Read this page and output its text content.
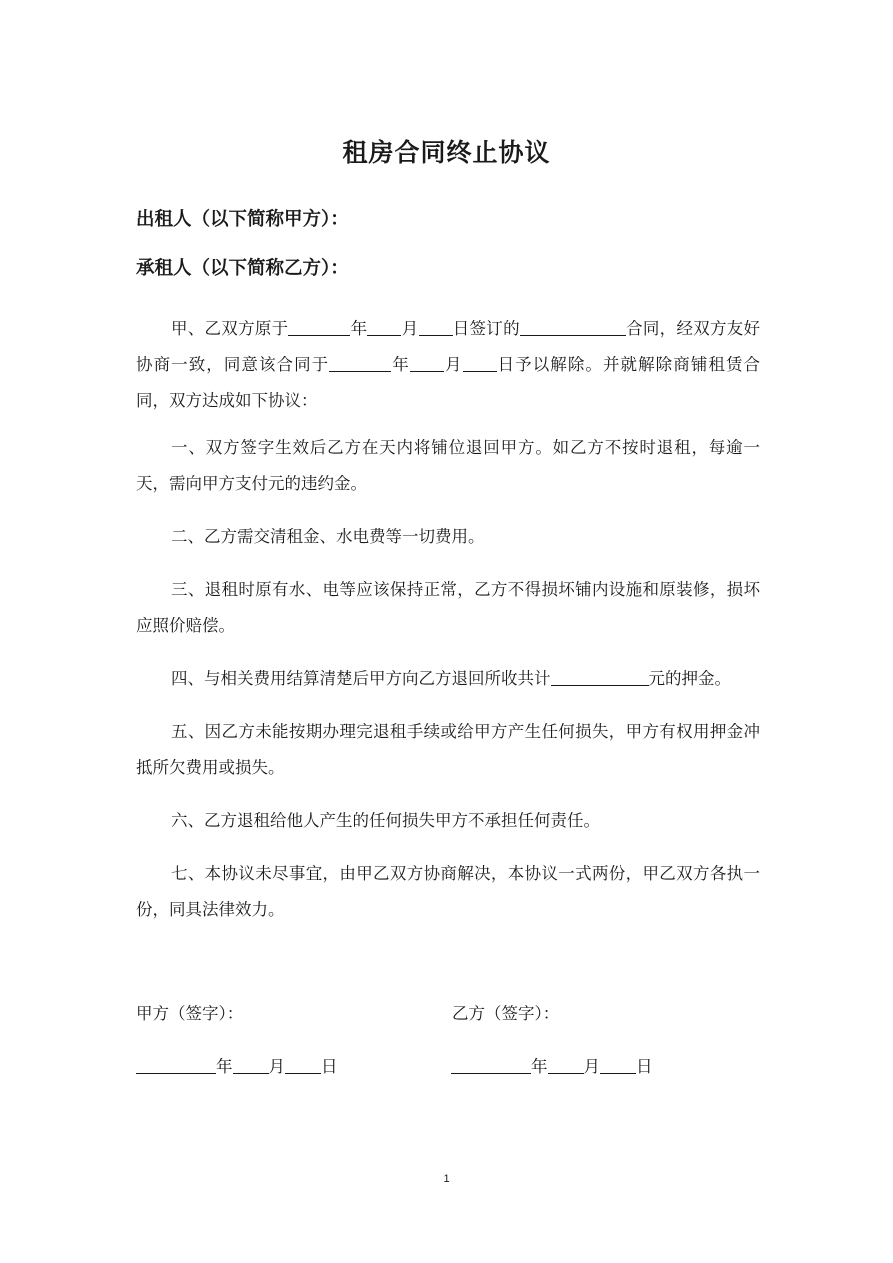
租房合同终止协议
出租人（以下简称甲方）：
承租人（以下简称乙方）：
甲、乙双方原于	年 月 日签订的	合同，经双方友好协商一致，同意该合同于	年 月 日予以解除。并就解除商铺租赁合同，双方达成如下协议：
一、双方签字生效后乙方在天内将铺位退回甲方。如乙方不按时退租，每逾一天，需向甲方支付元的违约金。
二、乙方需交清租金、水电费等一切费用。
三、退租时原有水、电等应该保持正常，乙方不得损坏铺内设施和原装修，损坏应照价赔偿。
四、与相关费用结算清楚后甲方向乙方退回所收共计	元的押金。
五、因乙方未能按期办理完退租手续或给甲方产生任何损失，甲方有权用押金冲抵所欠费用或损失。
六、乙方退租给他人产生的任何损失甲方不承担任何责任。
七、本协议未尽事宜，由甲乙双方协商解决，本协议一式两份，甲乙双方各执一份，同具法律效力。
甲方（签字）：	乙方（签字）：
年 月 日	年 月 日
1
